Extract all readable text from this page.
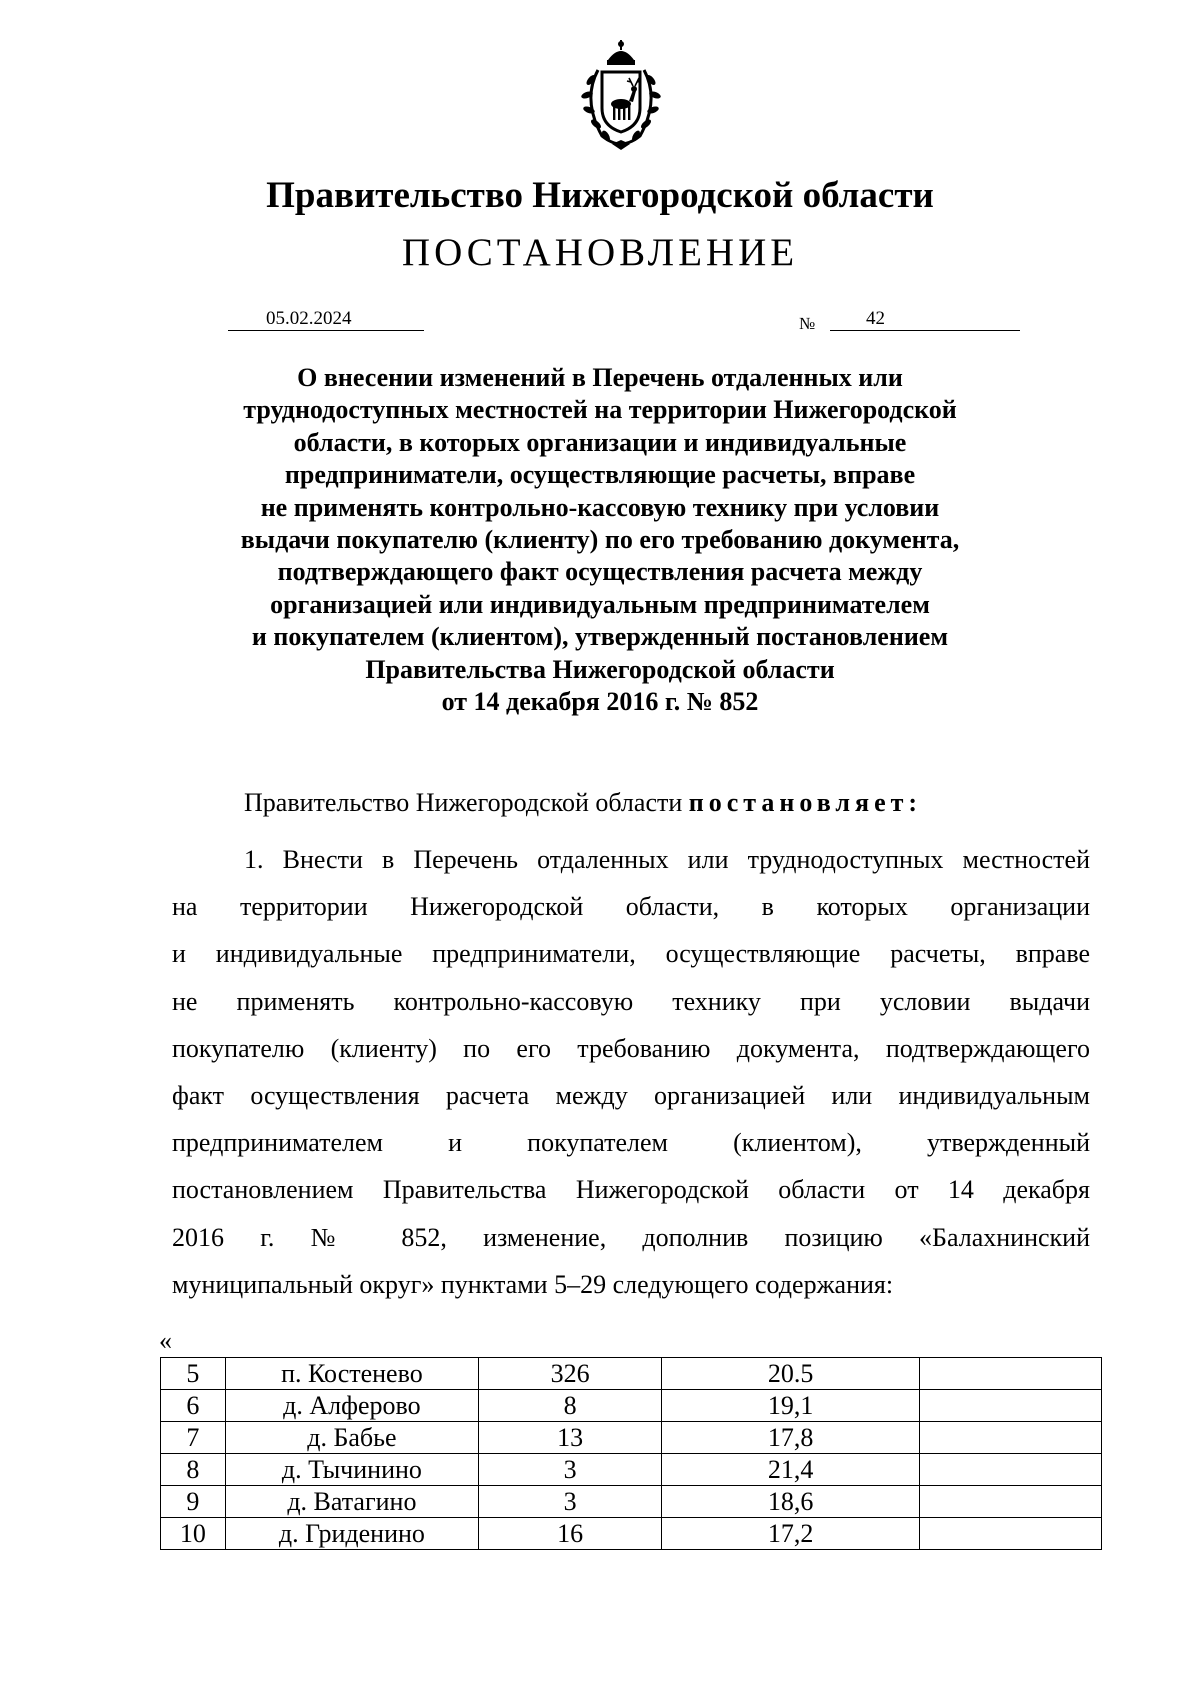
Правительство Нижегородской области
ПОСТАНОВЛЕНИЕ
05.02.2024	№	42
О внесении изменений в Перечень отдаленных или
труднодоступных местностей на территории Нижегородской
области, в которых организации и индивидуальные
предприниматели, осуществляющие расчеты, вправе
не применять контрольно-кассовую технику при условии
выдачи покупателю (клиенту) по его требованию документа,
подтверждающего факт осуществления расчета между
организацией или индивидуальным предпринимателем
и покупателем (клиентом), утвержденный постановлением
Правительства Нижегородской области
от 14 декабря 2016 г. № 852
Правительство Нижегородской области постановляет:
1. Внести в Перечень отдаленных или труднодоступных местностей
на территории Нижегородской области, в которых организации
и индивидуальные предприниматели, осуществляющие расчеты, вправе
не применять контрольно-кассовую технику при условии выдачи
покупателю (клиенту) по его требованию документа, подтверждающего
факт осуществления расчета между организацией или индивидуальным
предпринимателем и покупателем (клиентом), утвержденный
постановлением Правительства Нижегородской области от 14 декабря
2016 г. № 852, изменение, дополнив позицию «Балахнинский
муниципальный округ» пунктами 5–29 следующего содержания:
«
5	п. Костенево	326	20.5	
6	д. Алферово	8	19,1	
7	д. Бабье	13	17,8	
8	д. Тычинино	3	21,4	
9	д. Ватагино	3	18,6	
10	д. Гриденино	16	17,2	
